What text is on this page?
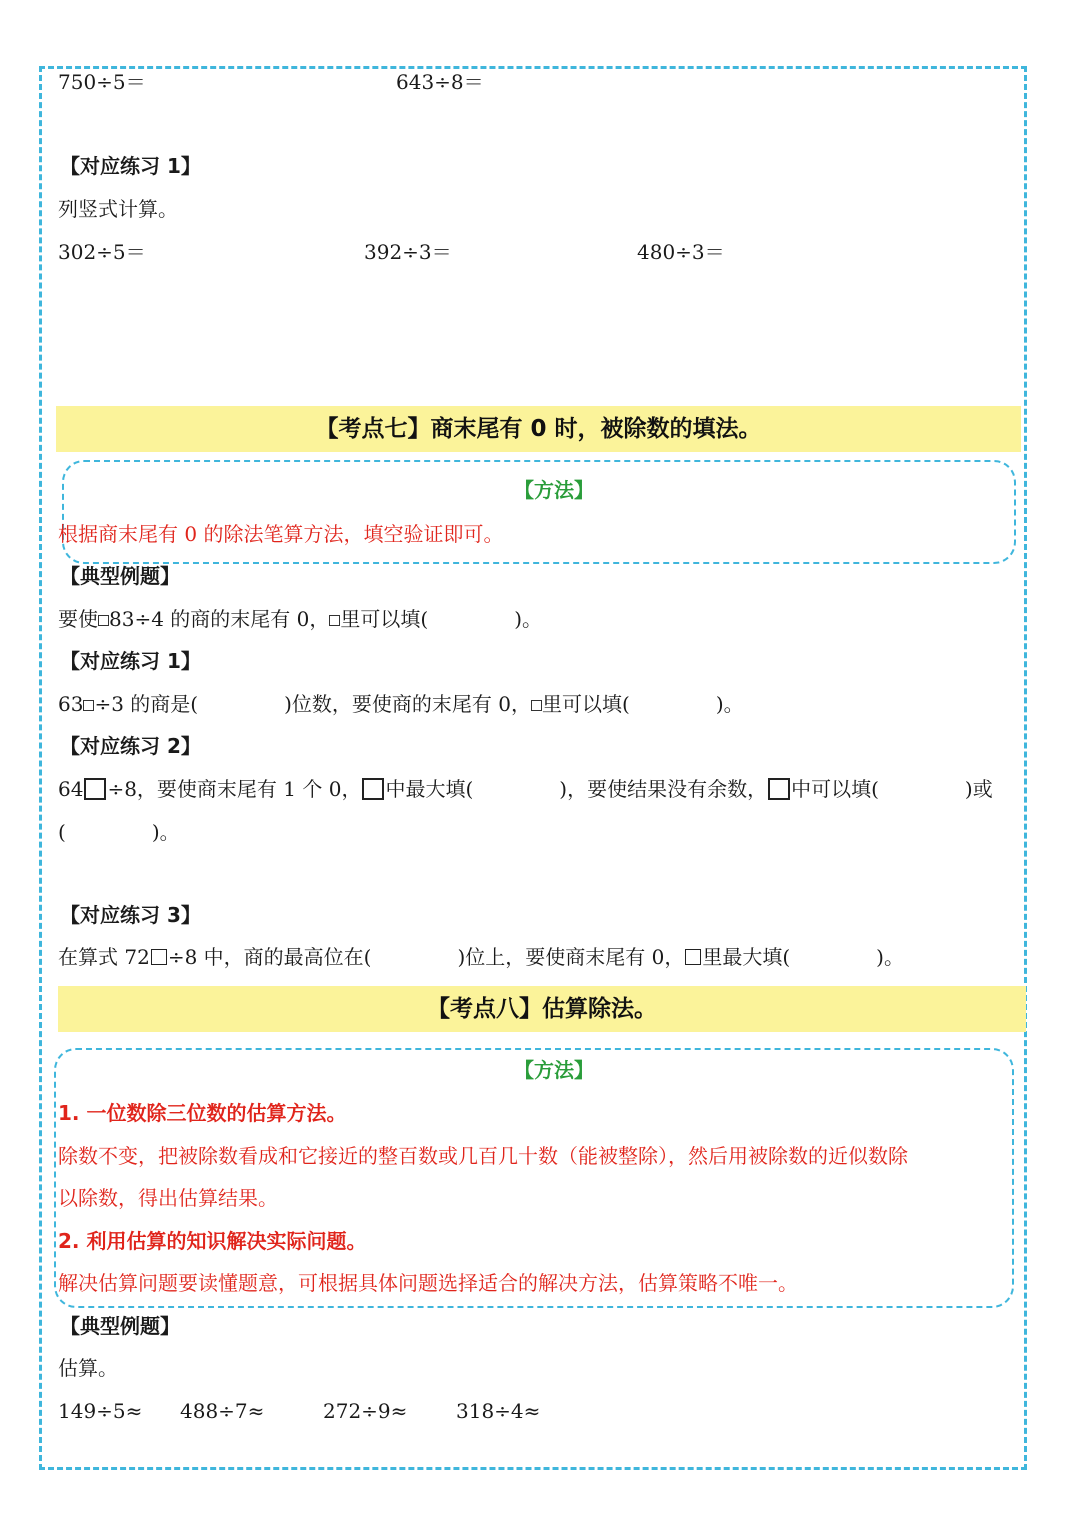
750÷5＝	643÷8＝
【对应练习 1】
列竖式计算。
302÷5＝	392÷3＝	480÷3＝
【考点七】商末尾有 0 时，被除数的填法。
【方法】
根据商末尾有 0 的除法笔算方法，填空验证即可。
【典型例题】
要使 83÷4 的商的末尾有 0， 里可以填(	)。
【对应练习 1】
63 ÷3 的商是(	)位数，要使商的末尾有 0， 里可以填(	)。
【对应练习 2】
64 ÷8，要使商末尾有 1 个 0， 中最大填(	)，要使结果没有余数， 中可以填(	)或
(	)。
【对应练习 3】
在算式 72 ÷8 中，商的最高位在(	)位上，要使商末尾有 0， 里最大填(	)。
【考点八】估算除法。
【方法】
1. 一位数除三位数的估算方法。
除数不变，把被除数看成和它接近的整百数或几百几十数（能被整除），然后用被除数的近似数除
以除数，得出估算结果。
2. 利用估算的知识解决实际问题。
解决估算问题要读懂题意，可根据具体问题选择适合的解决方法，估算策略不唯一。
【典型例题】
估算。
149÷5≈ 488÷7≈	272÷9≈ 318÷4≈
